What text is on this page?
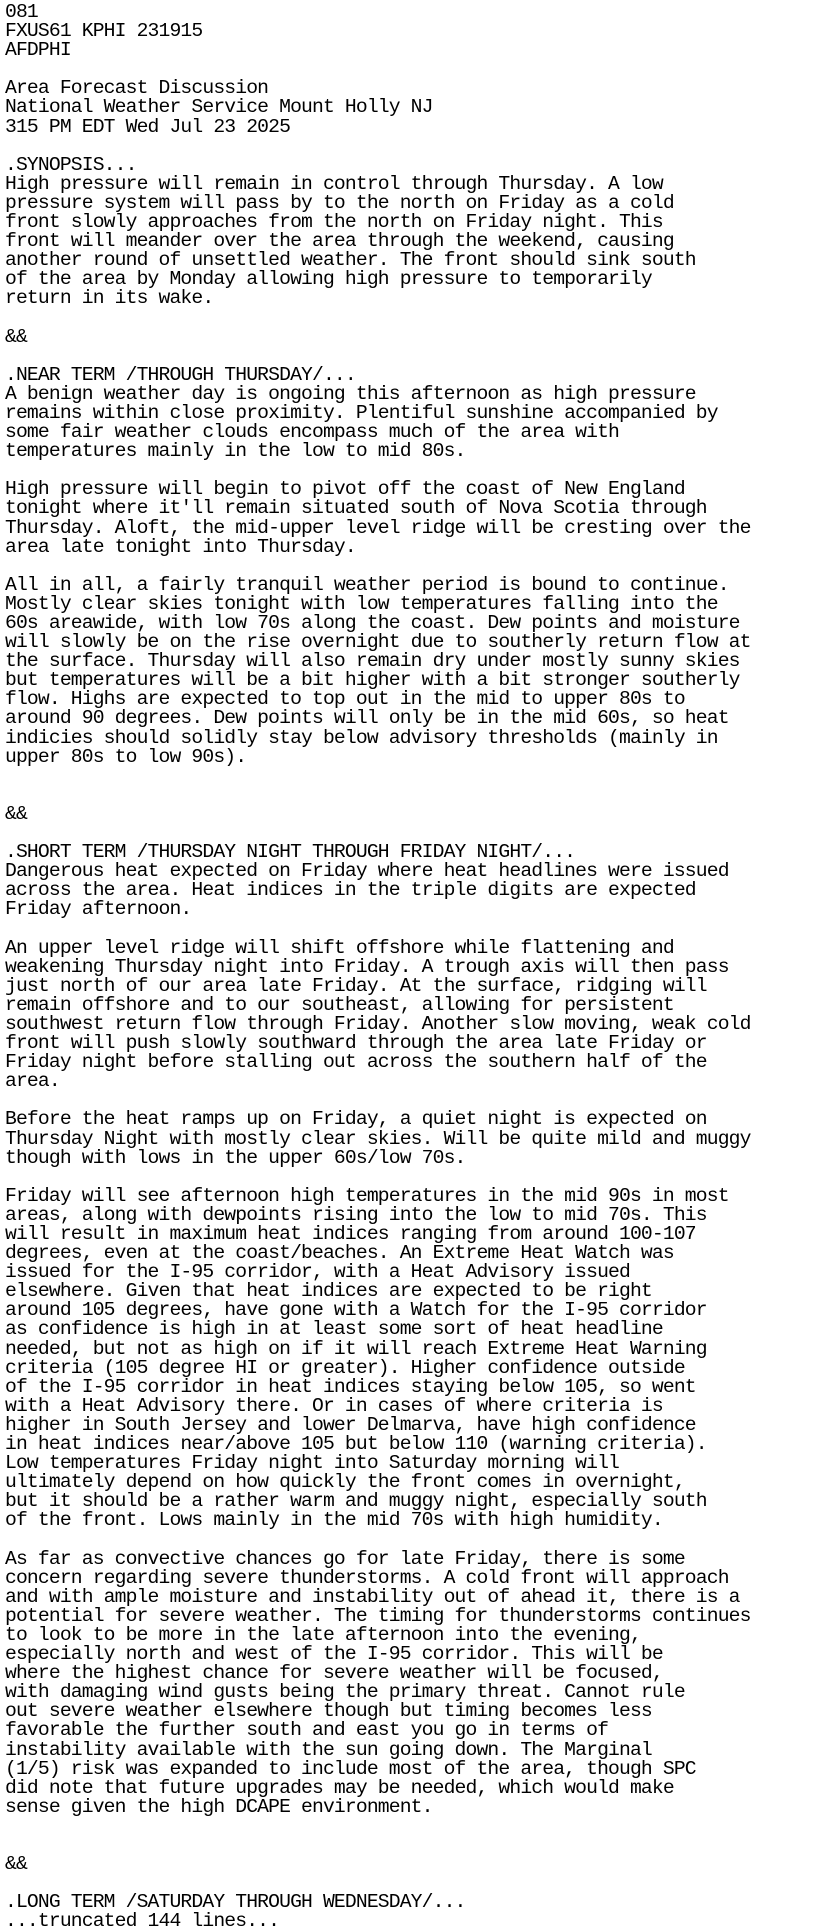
081
FXUS61 KPHI 231915
AFDPHI
Area Forecast Discussion
National Weather Service Mount Holly NJ
315 PM EDT Wed Jul 23 2025
.SYNOPSIS...
High pressure will remain in control through Thursday. A low
pressure system will pass by to the north on Friday as a cold
front slowly approaches from the north on Friday night. This
front will meander over the area through the weekend, causing
another round of unsettled weather. The front should sink south
of the area by Monday allowing high pressure to temporarily
return in its wake.
&&
.NEAR TERM /THROUGH THURSDAY/...
A benign weather day is ongoing this afternoon as high pressure
remains within close proximity. Plentiful sunshine accompanied by
some fair weather clouds encompass much of the area with
temperatures mainly in the low to mid 80s.
High pressure will begin to pivot off the coast of New England
tonight where it'll remain situated south of Nova Scotia through
Thursday. Aloft, the mid-upper level ridge will be cresting over the
area late tonight into Thursday.
All in all, a fairly tranquil weather period is bound to continue.
Mostly clear skies tonight with low temperatures falling into the
60s areawide, with low 70s along the coast. Dew points and moisture
will slowly be on the rise overnight due to southerly return flow at
the surface. Thursday will also remain dry under mostly sunny skies
but temperatures will be a bit higher with a bit stronger southerly
flow. Highs are expected to top out in the mid to upper 80s to
around 90 degrees. Dew points will only be in the mid 60s, so heat
indicies should solidly stay below advisory thresholds (mainly in
upper 80s to low 90s).
&&
.SHORT TERM /THURSDAY NIGHT THROUGH FRIDAY NIGHT/...
Dangerous heat expected on Friday where heat headlines were issued
across the area. Heat indices in the triple digits are expected
Friday afternoon.
An upper level ridge will shift offshore while flattening and
weakening Thursday night into Friday. A trough axis will then pass
just north of our area late Friday. At the surface, ridging will
remain offshore and to our southeast, allowing for persistent
southwest return flow through Friday. Another slow moving, weak cold
front will push slowly southward through the area late Friday or
Friday night before stalling out across the southern half of the
area.
Before the heat ramps up on Friday, a quiet night is expected on
Thursday Night with mostly clear skies. Will be quite mild and muggy
though with lows in the upper 60s/low 70s.
Friday will see afternoon high temperatures in the mid 90s in most
areas, along with dewpoints rising into the low to mid 70s. This
will result in maximum heat indices ranging from around 100-107
degrees, even at the coast/beaches. An Extreme Heat Watch was
issued for the I-95 corridor, with a Heat Advisory issued
elsewhere. Given that heat indices are expected to be right
around 105 degrees, have gone with a Watch for the I-95 corridor
as confidence is high in at least some sort of heat headline
needed, but not as high on if it will reach Extreme Heat Warning
criteria (105 degree HI or greater). Higher confidence outside
of the I-95 corridor in heat indices staying below 105, so went
with a Heat Advisory there. Or in cases of where criteria is
higher in South Jersey and lower Delmarva, have high confidence
in heat indices near/above 105 but below 110 (warning criteria).
Low temperatures Friday night into Saturday morning will
ultimately depend on how quickly the front comes in overnight,
but it should be a rather warm and muggy night, especially south
of the front. Lows mainly in the mid 70s with high humidity.
As far as convective chances go for late Friday, there is some
concern regarding severe thunderstorms. A cold front will approach
and with ample moisture and instability out of ahead it, there is a
potential for severe weather. The timing for thunderstorms continues
to look to be more in the late afternoon into the evening,
especially north and west of the I-95 corridor. This will be
where the highest chance for severe weather will be focused,
with damaging wind gusts being the primary threat. Cannot rule
out severe weather elsewhere though but timing becomes less
favorable the further south and east you go in terms of
instability available with the sun going down. The Marginal
(1/5) risk was expanded to include most of the area, though SPC
did note that future upgrades may be needed, which would make
sense given the high DCAPE environment.
&&
.LONG TERM /SATURDAY THROUGH WEDNESDAY/...
...truncated 144 lines...
